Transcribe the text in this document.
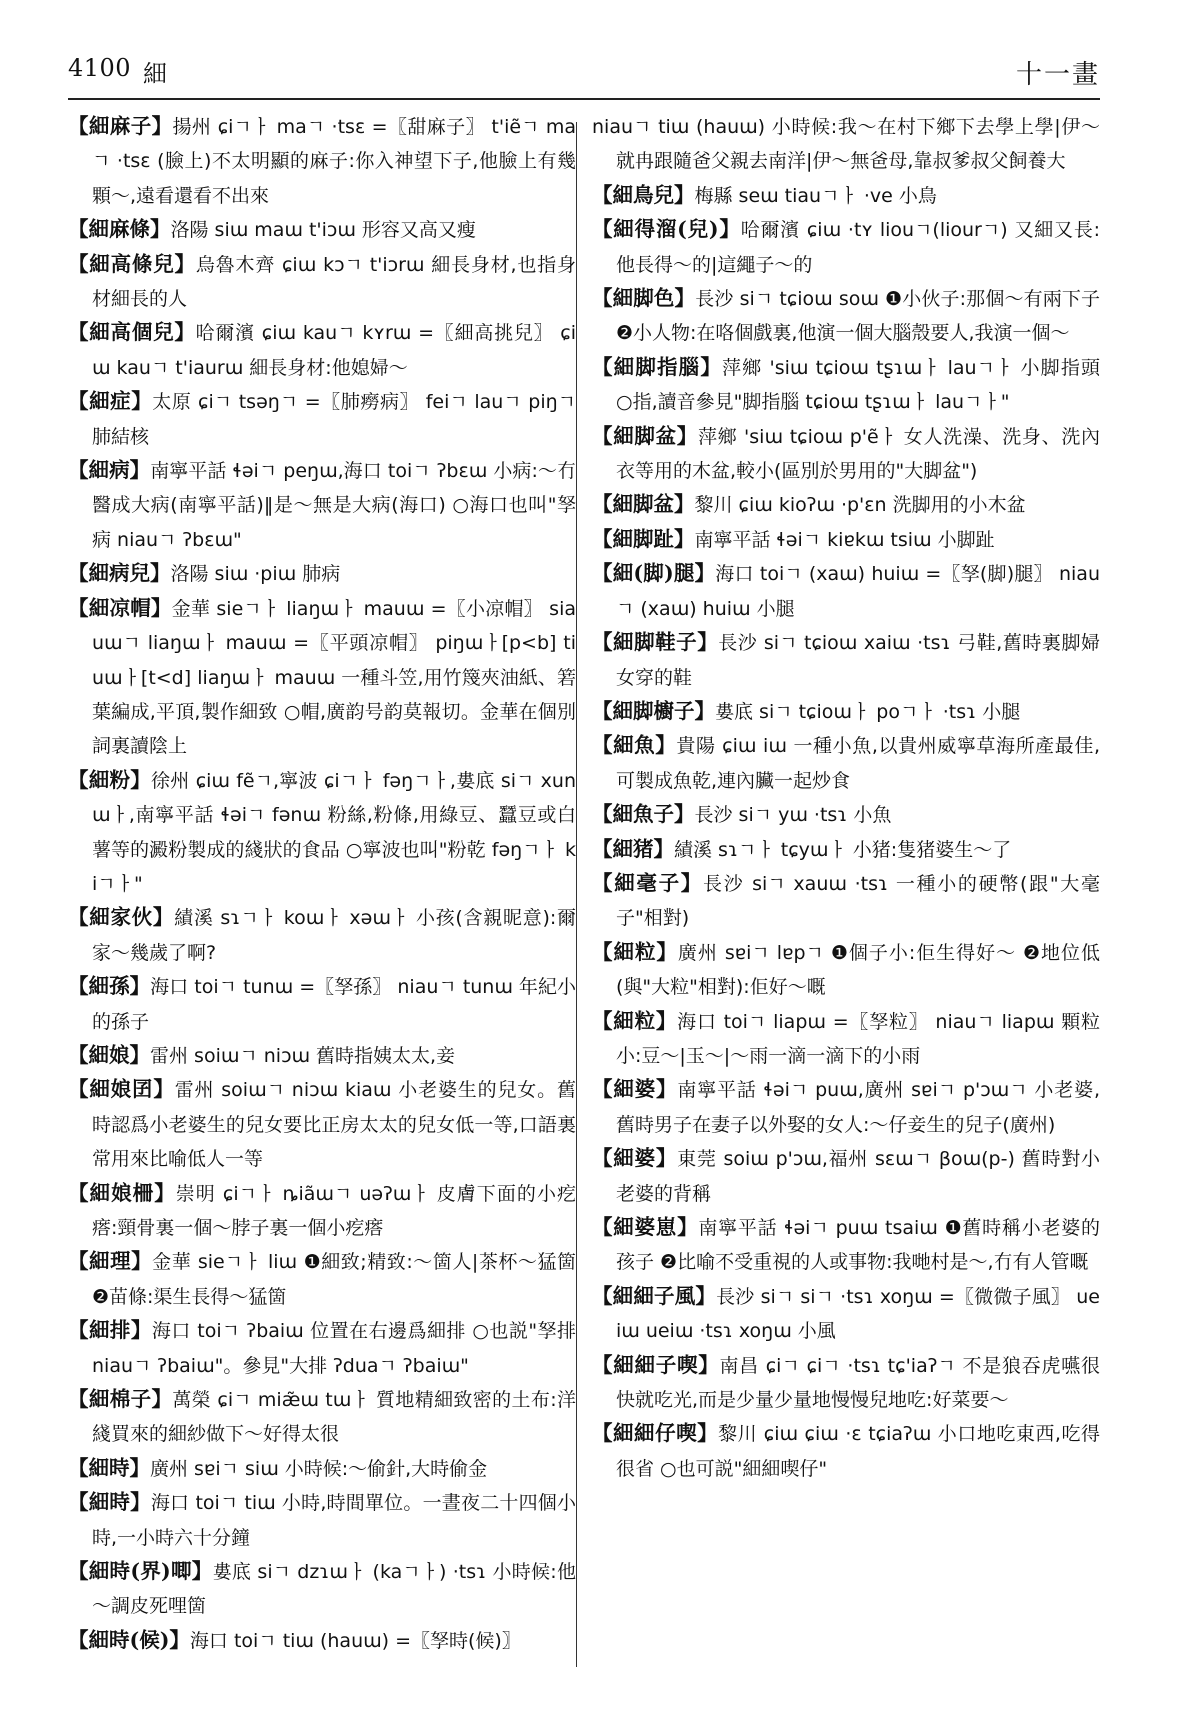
4100 細	十一畫

【細麻子】揚州 ɕiㄱㅏ maㄱ ·tsɛ =〖甜麻子〗 t'iẽㄱ maㄱ ·tsɛ (臉上)不太明顯的麻子:你入神望下子,他臉上有幾顆～,遠看還看不出來

【細麻條】洛陽 siɯ maɯ t'iɔɯ 形容又高又瘦

【細高條兒】烏魯木齊 ɕiɯ kɔㄱ t'iɔrɯ 細長身材,也指身材細長的人

【細高個兒】哈爾濱 ɕiɯ kauㄱ kʏrɯ =〖細高挑兒〗 ɕiɯ kauㄱ t'iaurɯ 細長身材:他媳婦～

【細症】太原 ɕiㄱ tsəŋㄱ =〖肺癆病〗 feiㄱ lauㄱ piŋㄱ 肺結核

【細病】南寧平話 ɬəiㄱ peŋɯ,海口 toiㄱ ʔbɛɯ 小病:～冇醫成大病(南寧平話)‖是～無是大病(海口) ○海口也叫"孥病 niauㄱ ʔbɛɯ"

【細病兒】洛陽 siɯ ·piɯ 肺病

【細凉帽】金華 sieㄱㅏ liaŋɯㅏ mauɯ =〖小凉帽〗 siauɯㄱ liaŋɯㅏ mauɯ =〖平頭凉帽〗 piŋɯㅏ[p<b] tiuɯㅏ[t<d] liaŋɯㅏ mauɯ 一種斗笠,用竹篾夾油紙、箬葉編成,平頂,製作細致 ○帽,廣韵号韵莫報切。金華在個別詞裏讀陰上

【細粉】徐州 ɕiɯ fẽㄱ,寧波 ɕiㄱㅏ fəŋㄱㅏ,婁底 siㄱ xunɯㅏ,南寧平話 ɬəiㄱ fənɯ 粉絲,粉條,用綠豆、蠶豆或白薯等的澱粉製成的綫狀的食品 ○寧波也叫"粉乾 fəŋㄱㅏ kiㄱㅏ"

【細家伙】績溪 sɿㄱㅏ koɯㅏ xəɯㅏ 小孩(含親昵意):爾家～幾歲了啊?

【細孫】海口 toiㄱ tunɯ =〖孥孫〗 niauㄱ tunɯ 年紀小的孫子

【細娘】雷州 soiɯㄱ niɔɯ 舊時指姨太太,妾

【細娘囝】雷州 soiɯㄱ niɔɯ kiaɯ 小老婆生的兒女。舊時認爲小老婆生的兒女要比正房太太的兒女低一等,口語裏常用來比喻低人一等

【細娘柵】崇明 ɕiㄱㅏ ȵiãɯㄱ uəʔɯㅏ 皮膚下面的小疙瘩:頸骨裏一個～脖子裏一個小疙瘩

【細理】金華 sieㄱㅏ liɯ ❶細致;精致:～箇人|茶杯～猛箇 ❷苗條:渠生長得～猛箇

【細排】海口 toiㄱ ʔbaiɯ 位置在右邊爲細排 ○也説"孥排 niauㄱ ʔbaiɯ"。參見"大排 ʔduaㄱ ʔbaiɯ"

【細棉子】萬榮 ɕiㄱ miæ̃ɯ tɯㅏ 質地精細致密的土布:洋綫買來的細紗做下～好得太很

【細時】廣州 sɐiㄱ siɯ 小時候:～偷針,大時偷金

【細時】海口 toiㄱ tiɯ 小時,時間單位。一晝夜二十四個小時,一小時六十分鐘

【細時(界)唧】婁底 siㄱ dzɿɯㅏ (kaㄱㅏ) ·tsɿ 小時候:他～調皮死哩箇

【細時(候)】海口 toiㄱ tiɯ (hauɯ) =〖孥時(候)〗

niauㄱ tiɯ (hauɯ) 小時候:我～在村下鄉下去學上學|伊～就冉跟隨爸父親去南洋|伊～無爸母,靠叔爹叔父飼養大

【細鳥兒】梅縣 seɯ tiauㄱㅏ ·ve 小鳥

【細得溜(兒)】哈爾濱 ɕiɯ ·tʏ liouㄱ(liourㄱ) 又細又長:他長得～的|這繩子～的

【細脚色】長沙 siㄱ tɕioɯ soɯ ❶小伙子:那個～有兩下子 ❷小人物:在咯個戲裏,他演一個大腦殼要人,我演一個～

【細脚指腦】萍鄉 'siɯ tɕioɯ tʂɿɯㅏ lauㄱㅏ 小脚指頭 ○指,讀音參見"脚指腦 tɕioɯ tʂɿɯㅏ lauㄱㅏ"

【細脚盆】萍鄉 'siɯ tɕioɯ p'ẽㅏ 女人洗澡、洗身、洗內衣等用的木盆,較小(區別於男用的"大脚盆")

【細脚盆】黎川 ɕiɯ kioʔɯ ·p'ɛn 洗脚用的小木盆

【細脚趾】南寧平話 ɬəiㄱ kiɐkɯ tsiɯ 小脚趾

【細(脚)腿】海口 toiㄱ (xaɯ) huiɯ =〖孥(脚)腿〗 niauㄱ (xaɯ) huiɯ 小腿

【細脚鞋子】長沙 siㄱ tɕioɯ xaiɯ ·tsɿ 弓鞋,舊時裏脚婦女穿的鞋

【細脚櫥子】婁底 siㄱ tɕioɯㅏ poㄱㅏ ·tsɿ 小腿

【細魚】貴陽 ɕiɯ iɯ 一種小魚,以貴州威寧草海所產最佳,可製成魚乾,連內臟一起炒食

【細魚子】長沙 siㄱ yɯ ·tsɿ 小魚

【細猪】績溪 sɿㄱㅏ tɕyɯㅏ 小猪:隻猪婆生～了

【細毫子】長沙 siㄱ xauɯ ·tsɿ 一種小的硬幣(跟"大毫子"相對)

【細粒】廣州 sɐiㄱ lɐpㄱ ❶個子小:佢生得好～ ❷地位低(與"大粒"相對):佢好～嘅

【細粒】海口 toiㄱ liapɯ =〖孥粒〗 niauㄱ liapɯ 顆粒小:豆～|玉～|～雨一滴一滴下的小雨

【細婆】南寧平話 ɬəiㄱ puɯ,廣州 sɐiㄱ p'ɔɯㄱ 小老婆,舊時男子在妻子以外娶的女人:～仔妾生的兒子(廣州)

【細婆】東莞 soiɯ p'ɔɯ,福州 sɛɯㄱ βoɯ(p-) 舊時對小老婆的背稱

【細婆崽】南寧平話 ɬəiㄱ puɯ tsaiɯ ❶舊時稱小老婆的孩子 ❷比喻不受重視的人或事物:我哋村是～,冇有人管嘅

【細細子風】長沙 siㄱ siㄱ ·tsɿ xoŋɯ =〖微微子風〗 ueiɯ ueiɯ ·tsɿ xoŋɯ 小風

【細細子喫】南昌 ɕiㄱ ɕiㄱ ·tsɿ tɕ'iaʔㄱ 不是狼吞虎嚥很快就吃光,而是少量少量地慢慢兒地吃:好菜要～

【細細仔喫】黎川 ɕiɯ ɕiɯ ·ɛ tɕiaʔɯ 小口地吃東西,吃得很省 ○也可説"細細喫仔"
